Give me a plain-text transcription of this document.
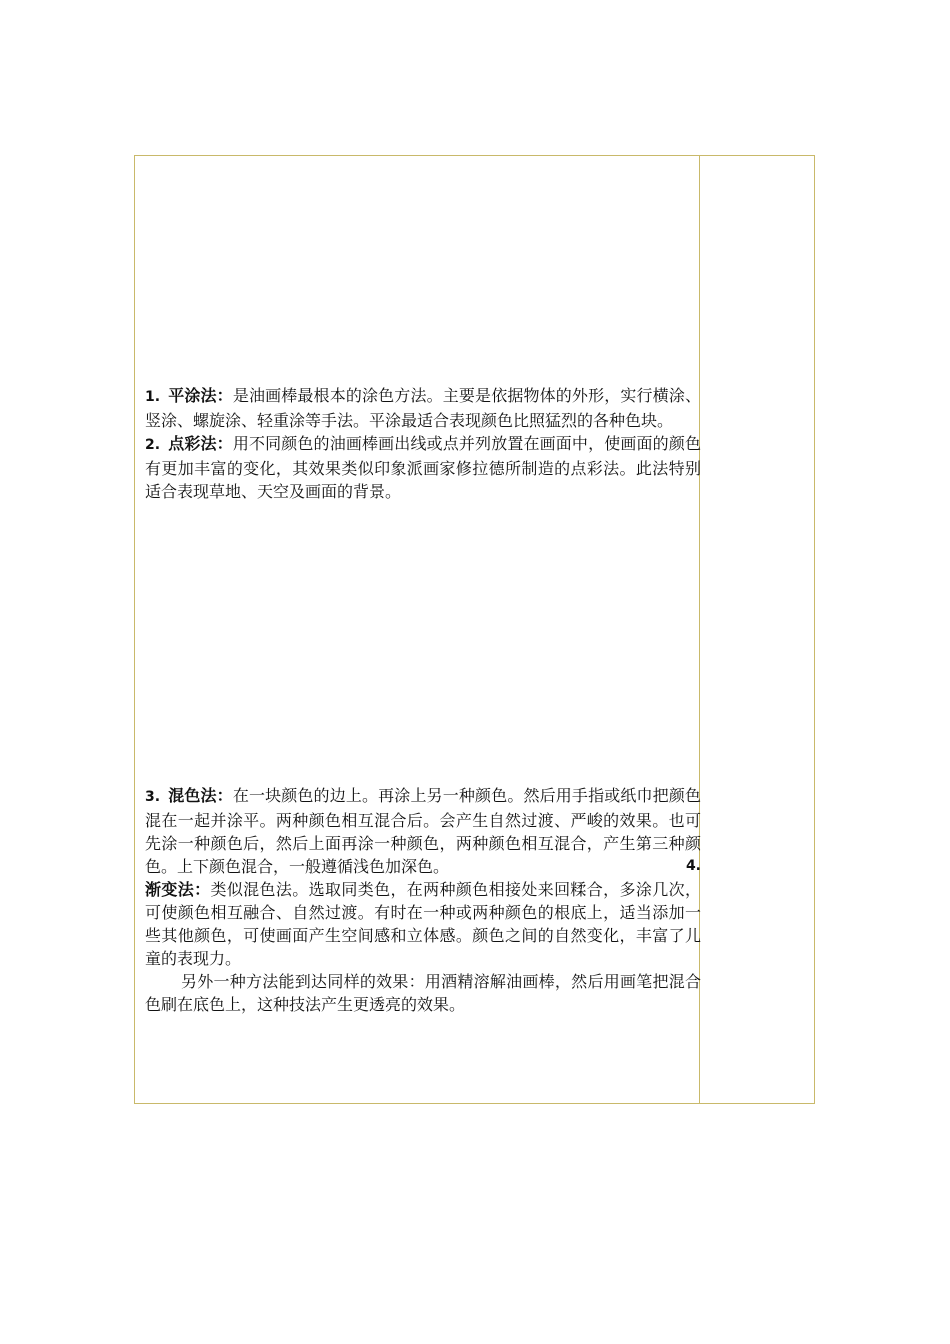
1. 平涂法：是油画棒最根本的涂色方法。主要是依据物体的外形，实行横涂、竖涂、螺旋涂、轻重涂等手法。平涂最适合表现颜色比照猛烈的各种色块。

2. 点彩法：用不同颜色的油画棒画出线或点并列放置在画面中，使画面的颜色有更加丰富的变化，其效果类似印象派画家修拉德所制造的点彩法。此法特别适合表现草地、天空及画面的背景。

3. 混色法：在一块颜色的边上。再涂上另一种颜色。然后用手指或纸巾把颜色混在一起并涂平。两种颜色相互混合后。会产生自然过渡、严峻的效果。也可先涂一种颜色后，然后上面再涂一种颜色，两种颜色相互混合，产生第三种颜色。上下颜色混合，一般遵循浅色加深色。	4.

渐变法：类似混色法。选取同类色，在两种颜色相接处来回糅合，多涂几次，可使颜色相互融合、自然过渡。有时在一种或两种颜色的根底上，适当添加一些其他颜色，可使画面产生空间感和立体感。颜色之间的自然变化，丰富了儿童的表现力。

另外一种方法能到达同样的效果：用酒精溶解油画棒，然后用画笔把混合色刷在底色上，这种技法产生更透亮的效果。
